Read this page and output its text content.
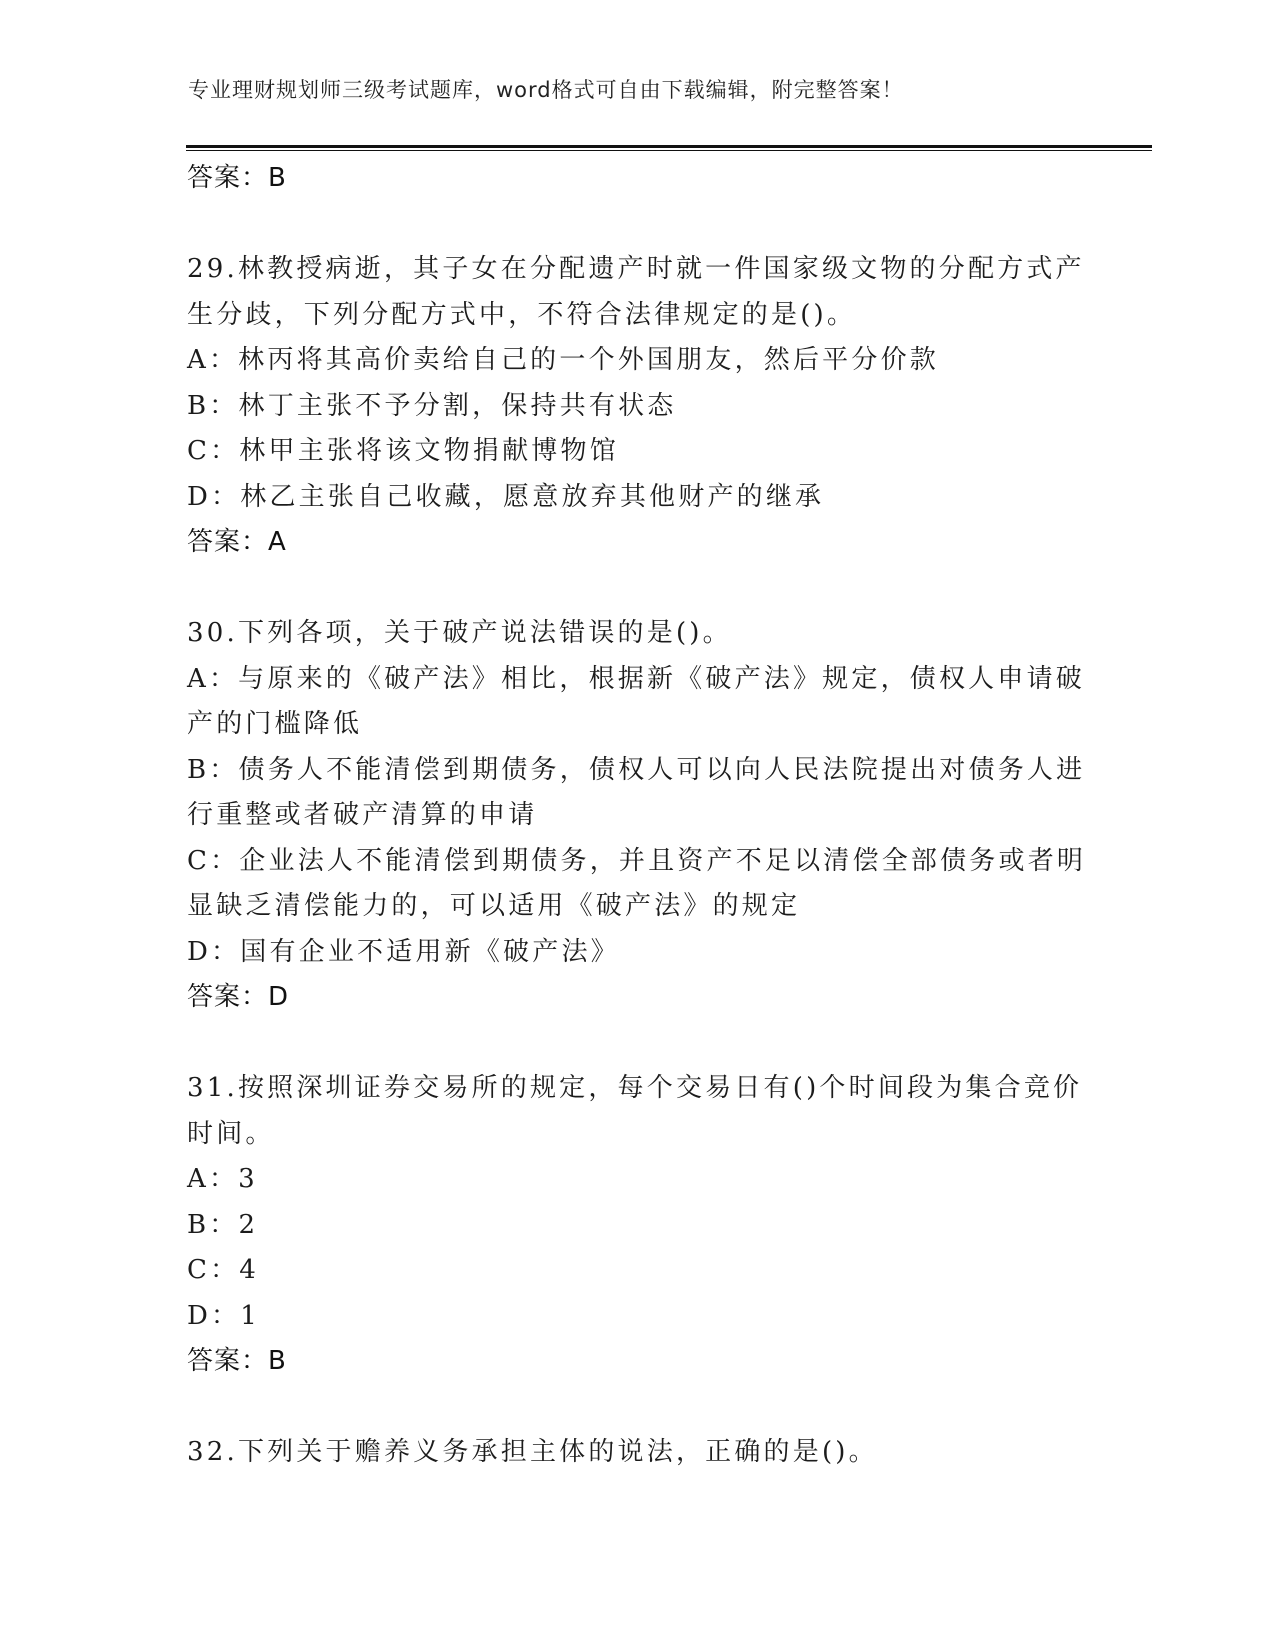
专业理财规划师三级考试题库，word格式可自由下载编辑，附完整答案！
答案：B
29.林教授病逝，其子女在分配遗产时就一件国家级文物的分配方式产
生分歧，下列分配方式中，不符合法律规定的是()。
A：林丙将其高价卖给自己的一个外国朋友，然后平分价款
B：林丁主张不予分割，保持共有状态
C：林甲主张将该文物捐献博物馆
D：林乙主张自己收藏，愿意放弃其他财产的继承
答案：A
30.下列各项，关于破产说法错误的是()。
A：与原来的《破产法》相比，根据新《破产法》规定，债权人申请破
产的门槛降低
B：债务人不能清偿到期债务，债权人可以向人民法院提出对债务人进
行重整或者破产清算的申请
C：企业法人不能清偿到期债务，并且资产不足以清偿全部债务或者明
显缺乏清偿能力的，可以适用《破产法》的规定
D：国有企业不适用新《破产法》
答案：D
31.按照深圳证券交易所的规定，每个交易日有()个时间段为集合竞价
时间。
A：3
B：2
C：4
D：1
答案：B
32.下列关于赡养义务承担主体的说法，正确的是()。
